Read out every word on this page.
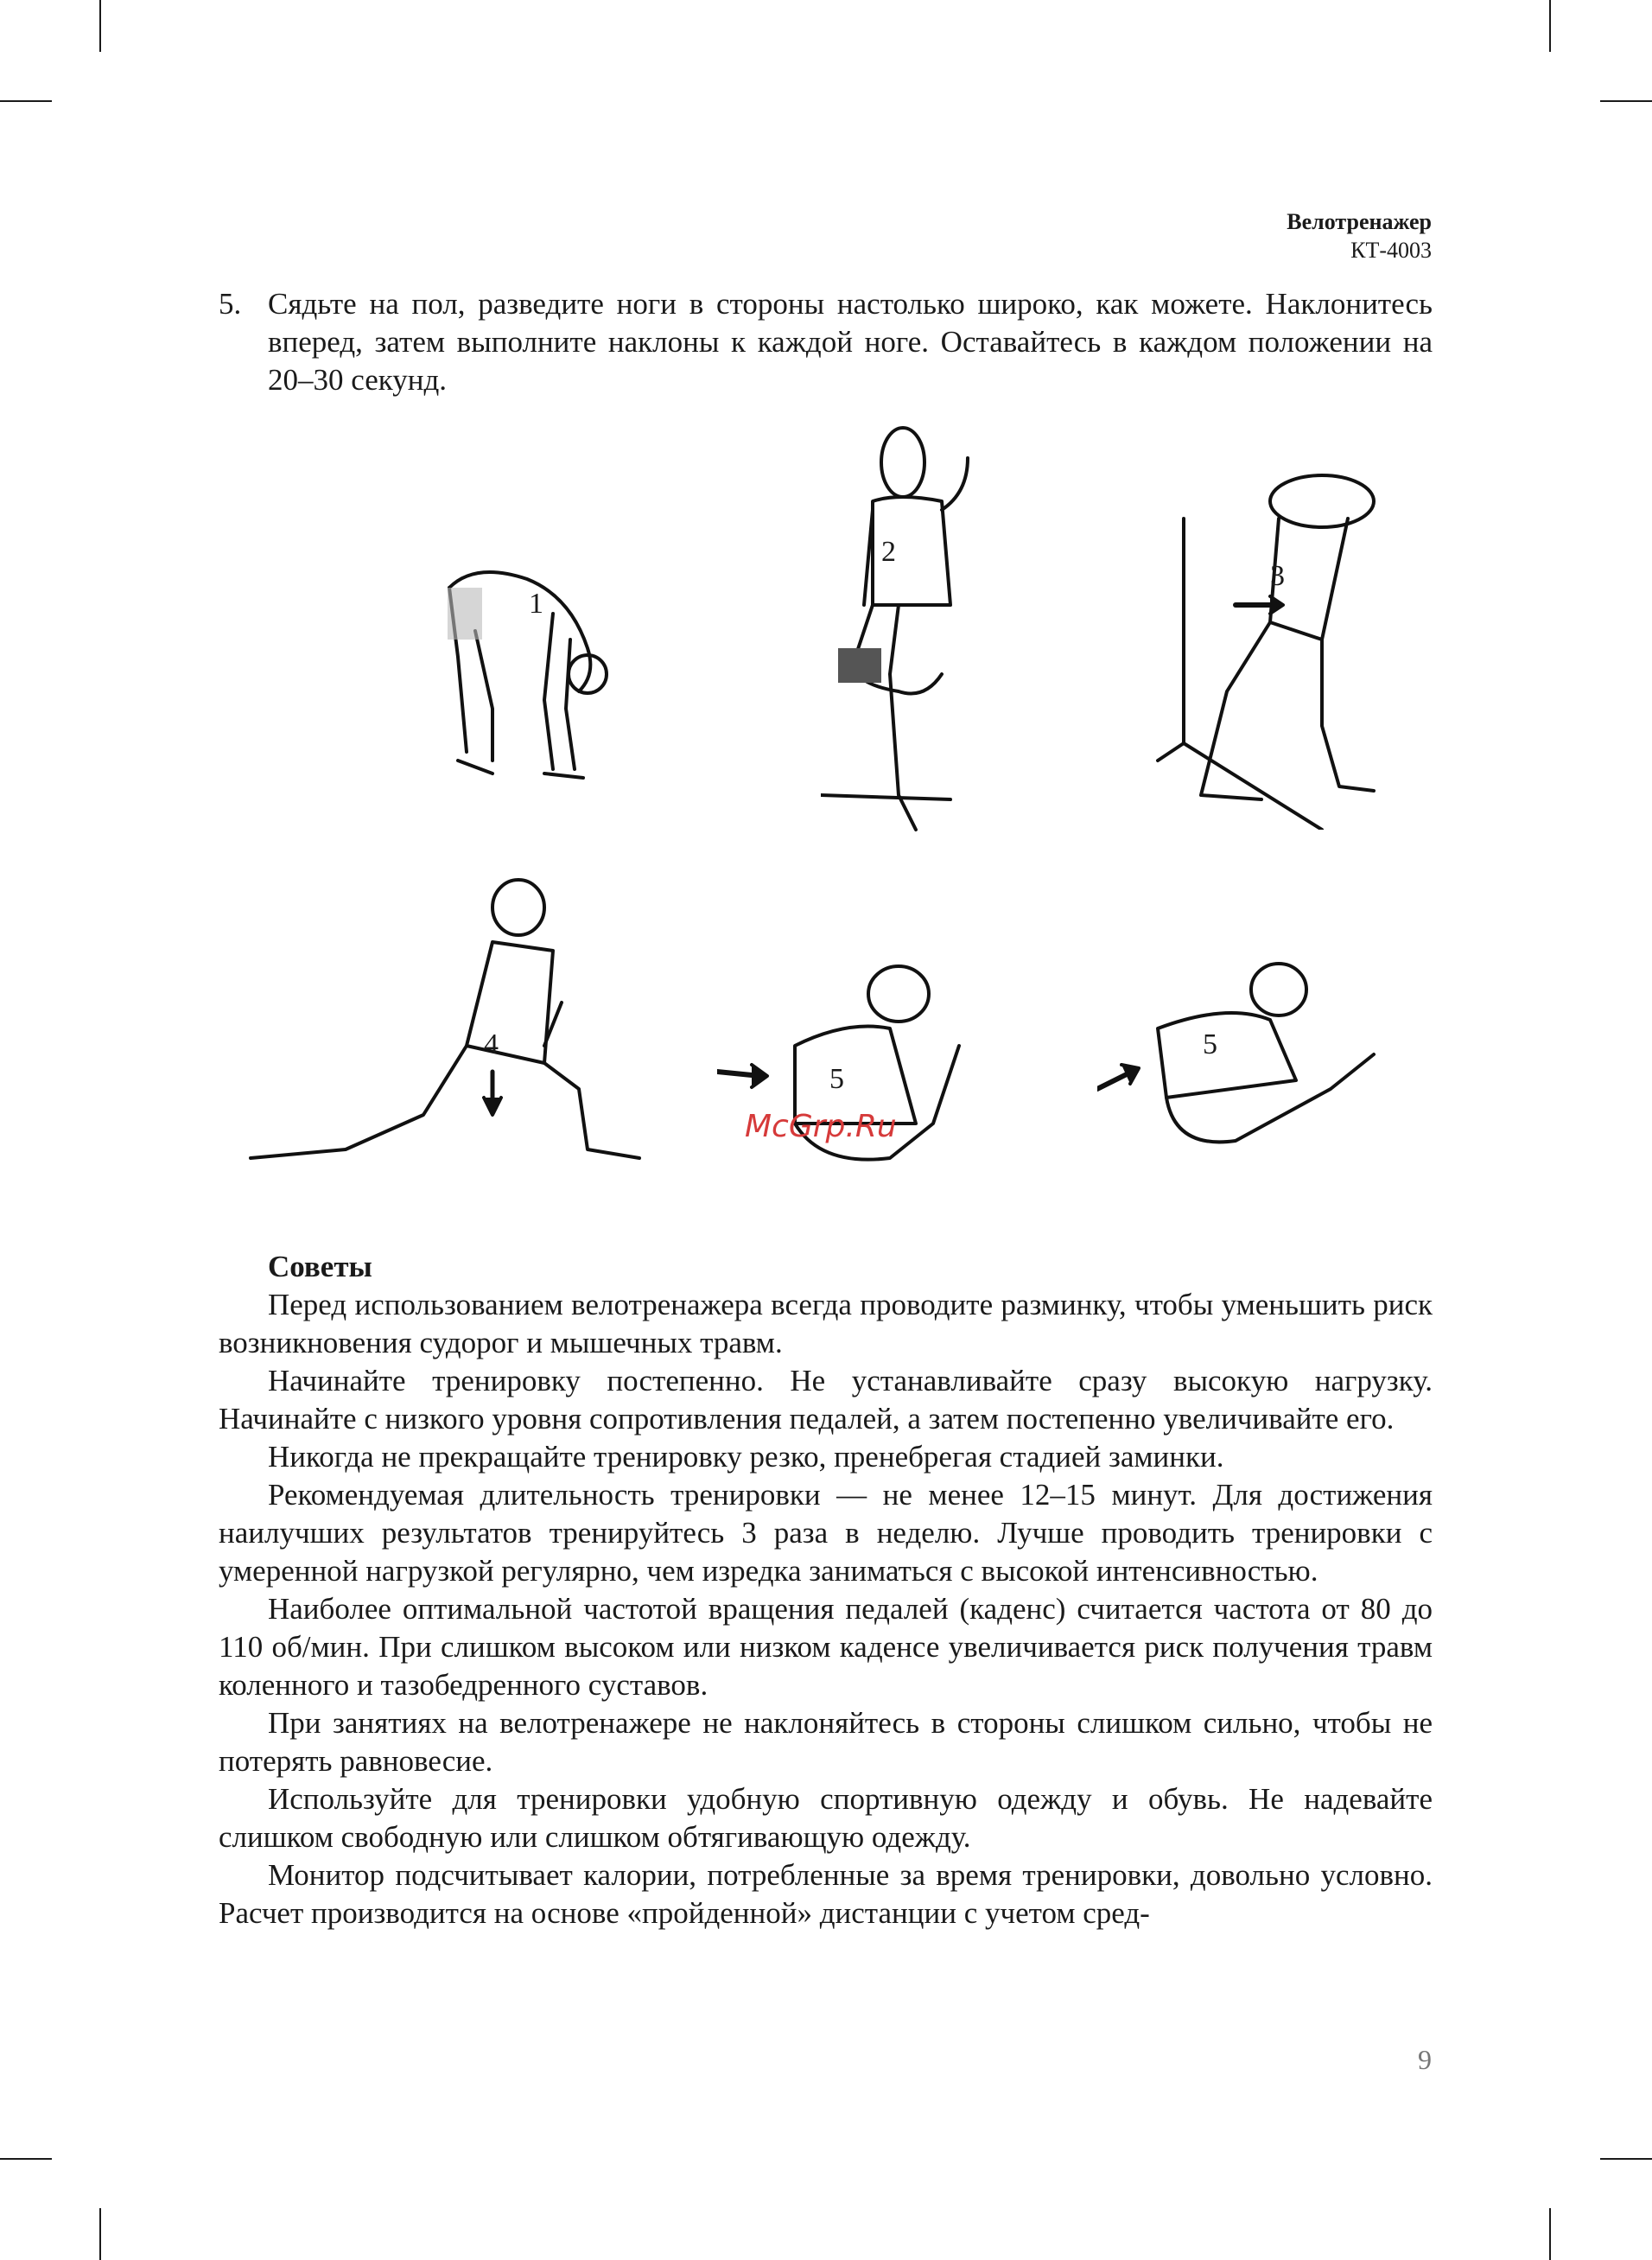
Велотренажер
КТ-4003
5. Сядьте на пол, разведите ноги в стороны настолько широко, как можете. Наклонитесь вперед, затем выполните наклоны к каждой ноге. Оставайтесь в каждом положении на 20–30 секунд.
1
2
3
4
5
5
McGrp.Ru
Советы

Перед использованием велотренажера всегда проводите разминку, чтобы уменьшить риск возникновения судорог и мышечных травм.

Начинайте тренировку постепенно. Не устанавливайте сразу высокую нагрузку. Начинайте с низкого уровня сопротивления педалей, а затем постепенно увеличивайте его.

Никогда не прекращайте тренировку резко, пренебрегая стадией заминки.

Рекомендуемая длительность тренировки — не менее 12–15 минут. Для достижения наилучших результатов тренируйтесь 3 раза в неделю. Лучше проводить тренировки с умеренной нагрузкой регулярно, чем изредка заниматься с высокой интенсивностью.

Наиболее оптимальной частотой вращения педалей (каденс) считается частота от 80 до 110 об/мин. При слишком высоком или низком каденсе увеличивается риск получения травм коленного и тазобедренного суставов.

При занятиях на велотренажере не наклоняйтесь в стороны слишком сильно, чтобы не потерять равновесие.

Используйте для тренировки удобную спортивную одежду и обувь. Не надевайте слишком свободную или слишком обтягивающую одежду.

Монитор подсчитывает калории, потребленные за время тренировки, довольно условно. Расчет производится на основе «пройденной» дистанции с учетом сред-

9
